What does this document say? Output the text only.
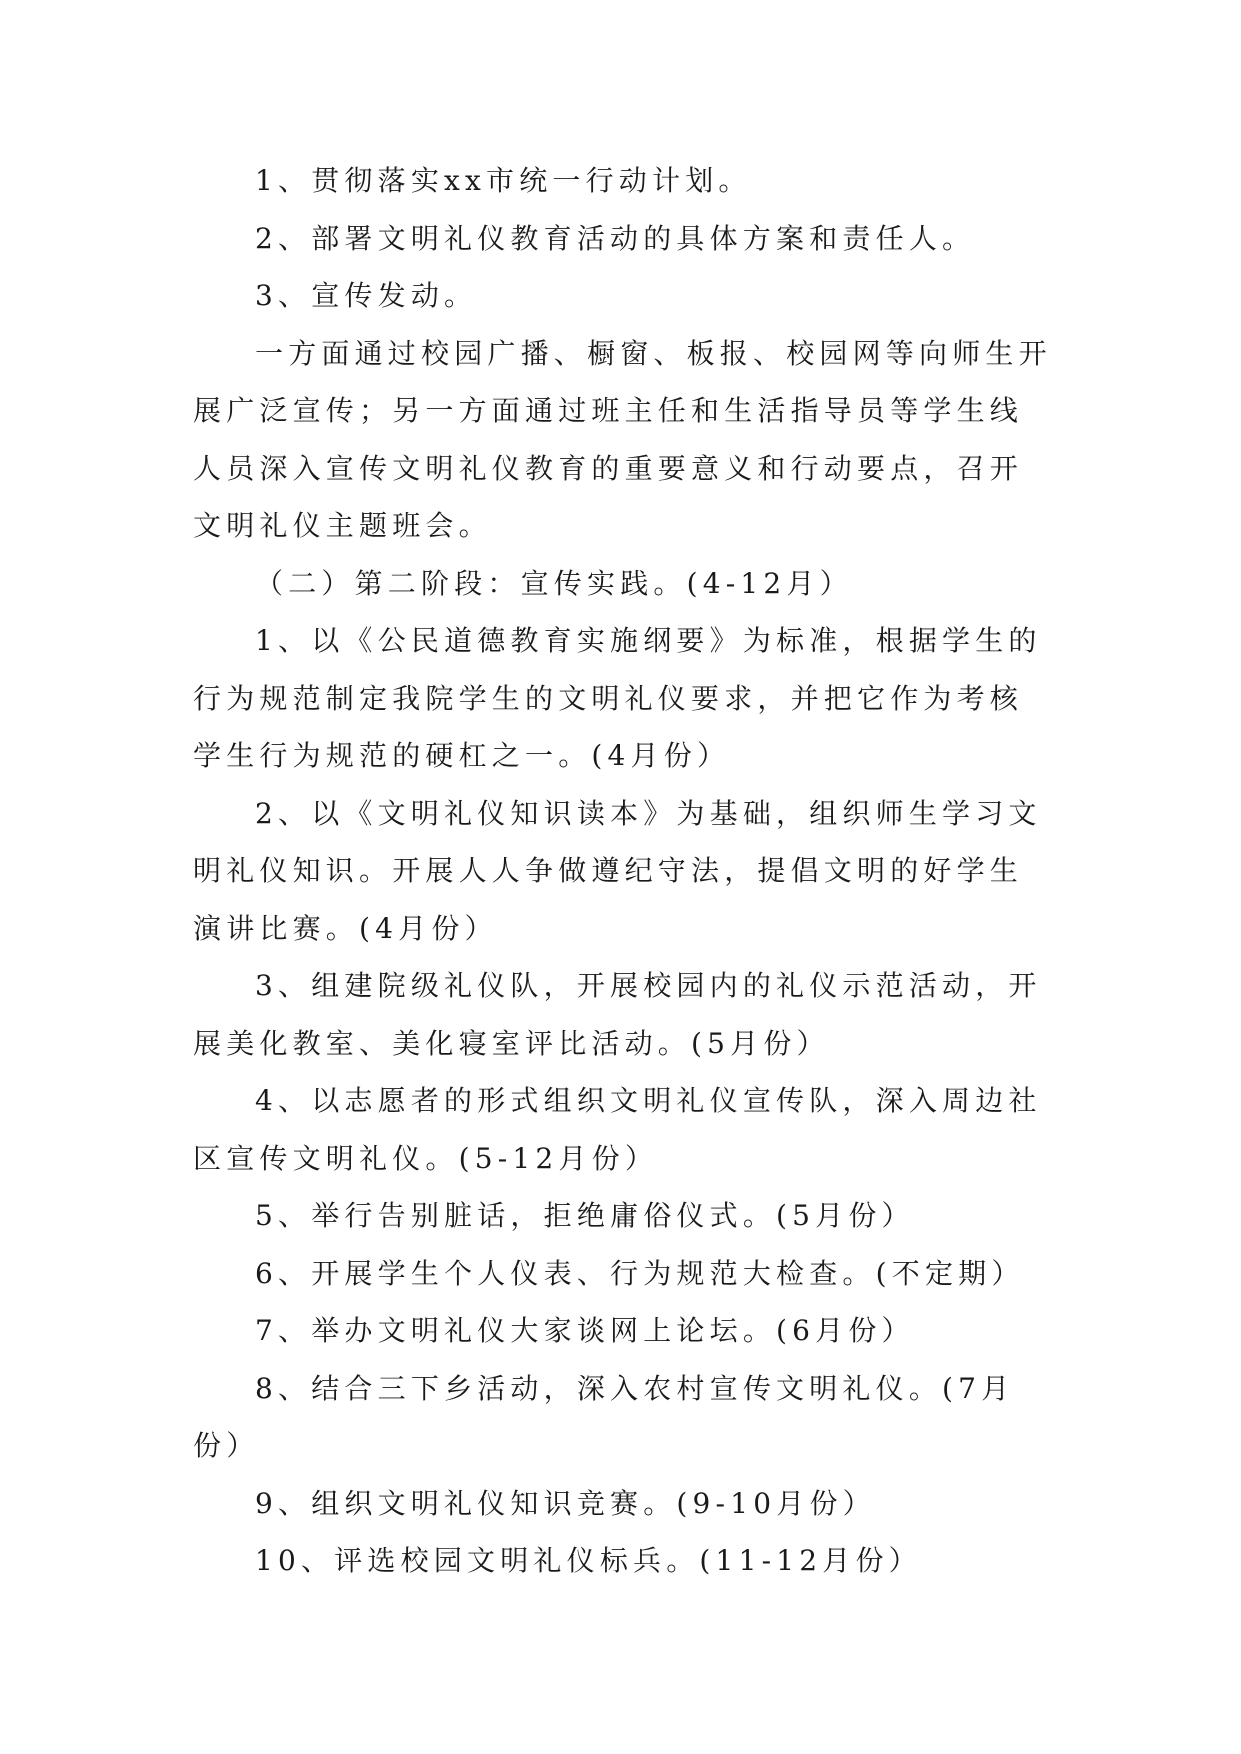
1、贯彻落实xx市统一行动计划。

2、部署文明礼仪教育活动的具体方案和责任人。

3、宣传发动。

一方面通过校园广播、橱窗、板报、校园网等向师生开展广泛宣传；另一方面通过班主任和生活指导员等学生线人员深入宣传文明礼仪教育的重要意义和行动要点，召开文明礼仪主题班会。

（二）第二阶段：宣传实践。(4-12月）

1、以《公民道德教育实施纲要》为标准，根据学生的行为规范制定我院学生的文明礼仪要求，并把它作为考核学生行为规范的硬杠之一。(4月份）

2、以《文明礼仪知识读本》为基础，组织师生学习文明礼仪知识。开展人人争做遵纪守法，提倡文明的好学生演讲比赛。(4月份）

3、组建院级礼仪队，开展校园内的礼仪示范活动，开展美化教室、美化寝室评比活动。(5月份）

4、以志愿者的形式组织文明礼仪宣传队，深入周边社区宣传文明礼仪。(5-12月份）

5、举行告别脏话，拒绝庸俗仪式。(5月份）

6、开展学生个人仪表、行为规范大检查。(不定期）

7、举办文明礼仪大家谈网上论坛。(6月份）

8、结合三下乡活动，深入农村宣传文明礼仪。(7月份）

9、组织文明礼仪知识竞赛。(9-10月份）

10、评选校园文明礼仪标兵。(11-12月份）
